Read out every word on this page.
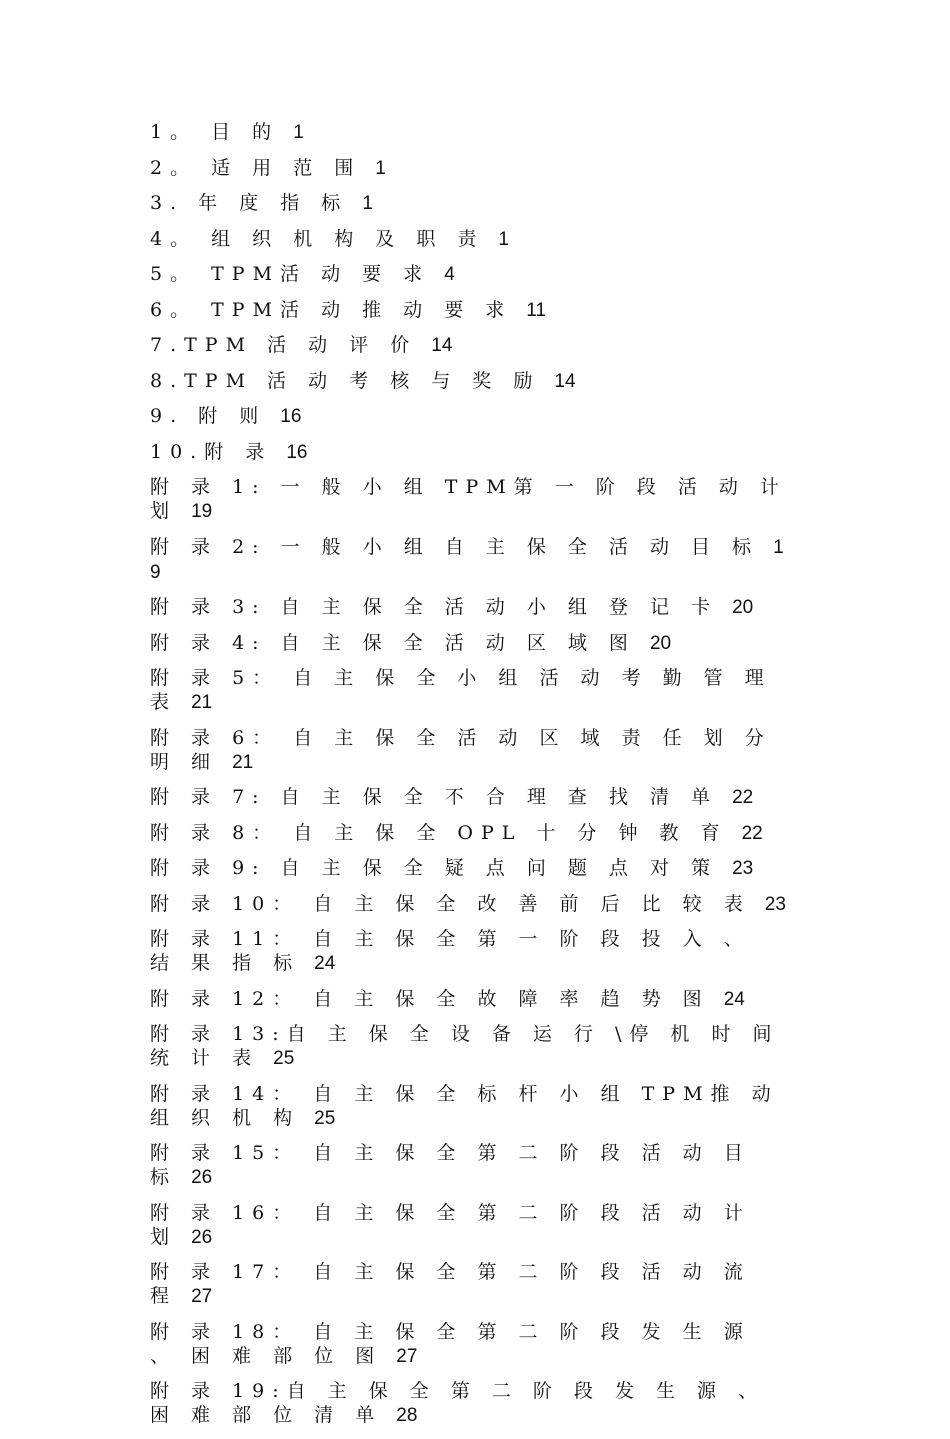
1。 目 的 1
2。 适 用 范 围 1
3. 年 度 指 标 1
4。 组 织 机 构 及 职 责 1
5。 TPM活 动 要 求 4
6。 TPM活 动 推 动 要 求 11
7.TPM 活 动 评 价 14
8.TPM 活 动 考 核 与 奖 励 14
9. 附 则 16
10.附 录 16
附 录 1: 一 般 小 组 TPM第 一 阶 段 活 动 计 划 19
附 录 2: 一 般 小 组 自 主 保 全 活 动 目 标 19
附 录 3: 自 主 保 全 活 动 小 组 登 记 卡 20
附 录 4: 自 主 保 全 活 动 区 域 图 20
附 录 5： 自 主 保 全 小 组 活 动 考 勤 管 理 表 21
附 录 6： 自 主 保 全 活 动 区 域 责 任 划 分 明 细 21
附 录 7: 自 主 保 全 不 合 理 查 找 清 单 22
附 录 8： 自 主 保 全 OPL 十 分 钟 教 育 22
附 录 9: 自 主 保 全 疑 点 问 题 点 对 策 23
附 录 10： 自 主 保 全 改 善 前 后 比 较 表 23
附 录 11： 自 主 保 全 第 一 阶 段 投 入 、 结 果 指 标 24
附 录 12： 自 主 保 全 故 障 率 趋 势 图 24
附 录 13:自 主 保 全 设 备 运 行 \停 机 时 间 统 计 表 25
附 录 14： 自 主 保 全 标 杆 小 组 TPM推 动 组 织 机 构 25
附 录 15： 自 主 保 全 第 二 阶 段 活 动 目 标 26
附 录 16： 自 主 保 全 第 二 阶 段 活 动 计 划 26
附 录 17： 自 主 保 全 第 二 阶 段 活 动 流 程 27
附 录 18： 自 主 保 全 第 二 阶 段 发 生 源 、 困 难 部 位 图 27
附 录 19:自 主 保 全 第 二 阶 段 发 生 源 、 困 难 部 位 清 单 28
